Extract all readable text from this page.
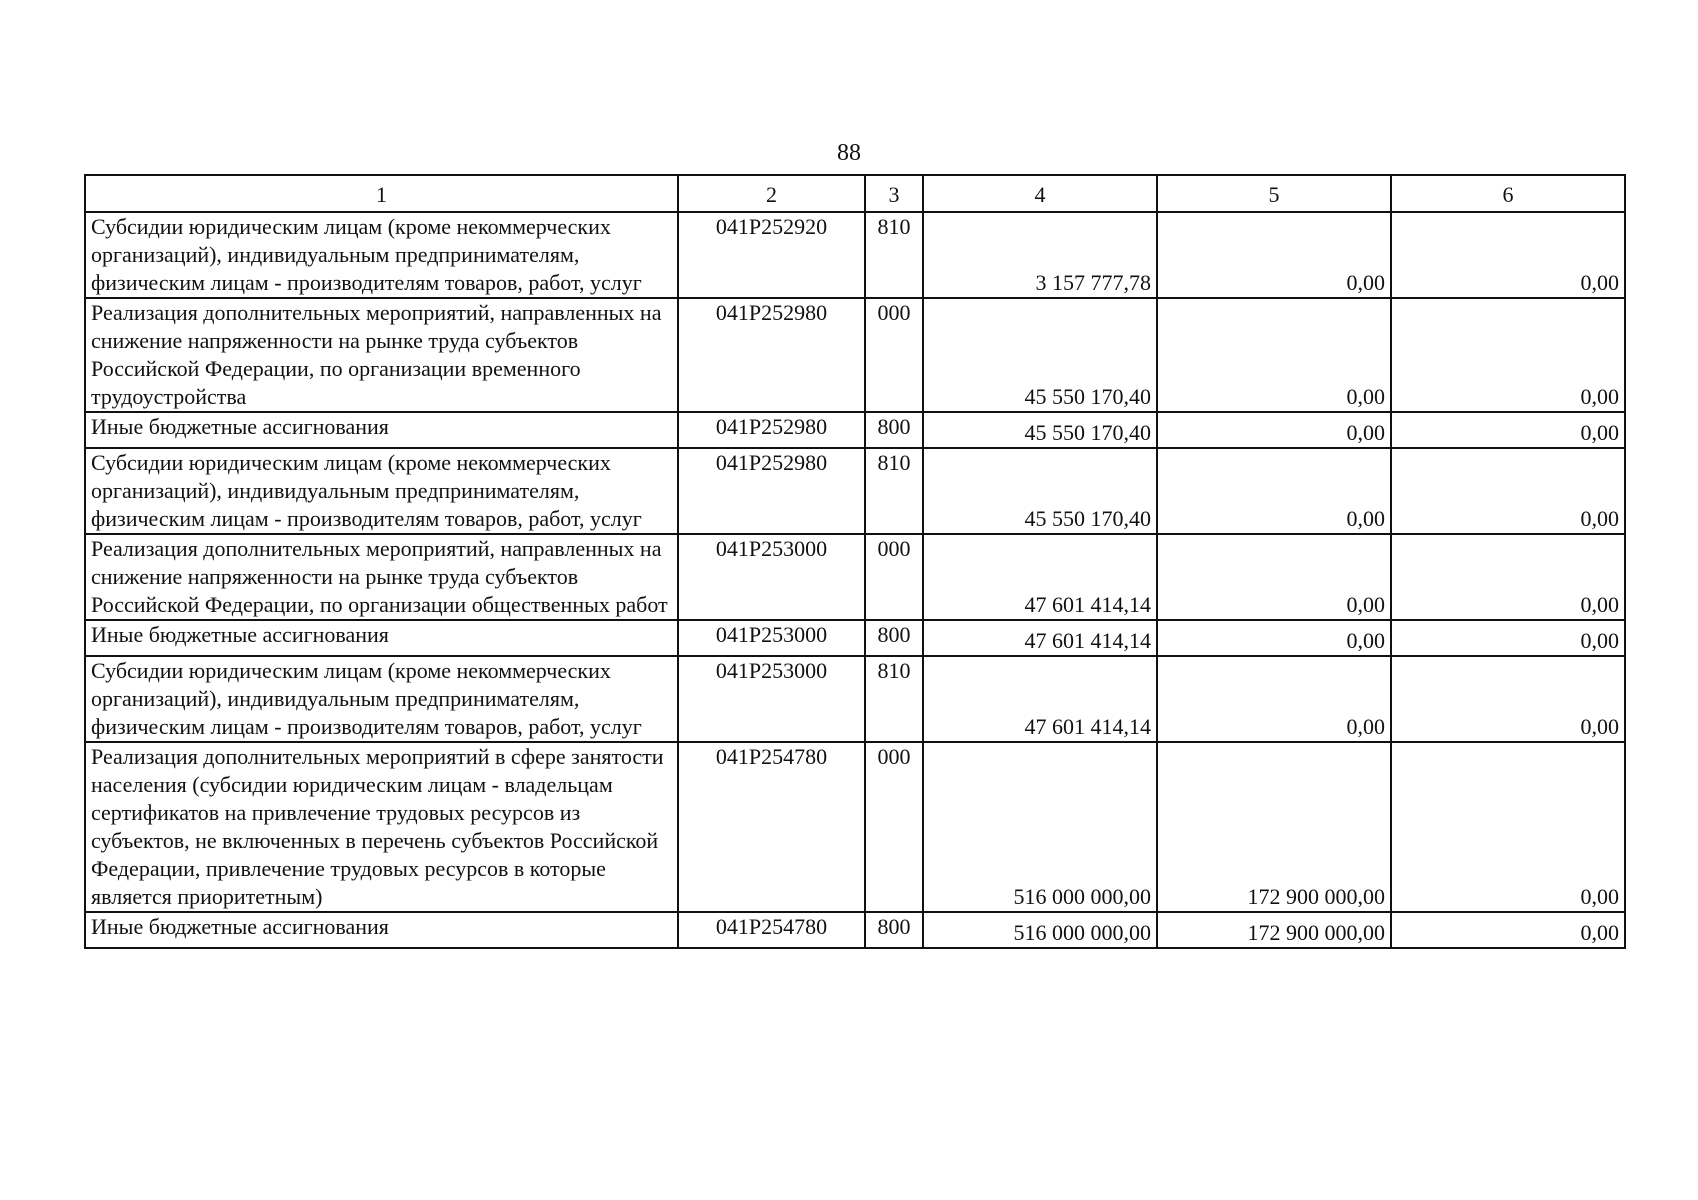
88
1	2	3	4	5	6
Субсидии юридическим лицам (кроме некоммерческих организаций), индивидуальным предпринимателям, физическим лицам - производителям товаров, работ, услуг	041P252920	810	3 157 777,78	0,00	0,00
Реализация дополнительных мероприятий, направленных на снижение напряженности на рынке труда субъектов Российской Федерации, по организации временного трудоустройства	041P252980	000	45 550 170,40	0,00	0,00
Иные бюджетные ассигнования	041P252980	800	45 550 170,40	0,00	0,00
Субсидии юридическим лицам (кроме некоммерческих организаций), индивидуальным предпринимателям, физическим лицам - производителям товаров, работ, услуг	041P252980	810	45 550 170,40	0,00	0,00
Реализация дополнительных мероприятий, направленных на снижение напряженности на рынке труда субъектов Российской Федерации, по организации общественных работ	041P253000	000	47 601 414,14	0,00	0,00
Иные бюджетные ассигнования	041P253000	800	47 601 414,14	0,00	0,00
Субсидии юридическим лицам (кроме некоммерческих организаций), индивидуальным предпринимателям, физическим лицам - производителям товаров, работ, услуг	041P253000	810	47 601 414,14	0,00	0,00
Реализация дополнительных мероприятий в сфере занятости населения (субсидии юридическим лицам - владельцам сертификатов на привлечение трудовых ресурсов из субъектов, не включенных в перечень субъектов Российской Федерации, привлечение трудовых ресурсов в которые является приоритетным)	041P254780	000	516 000 000,00	172 900 000,00	0,00
Иные бюджетные ассигнования	041P254780	800	516 000 000,00	172 900 000,00	0,00
